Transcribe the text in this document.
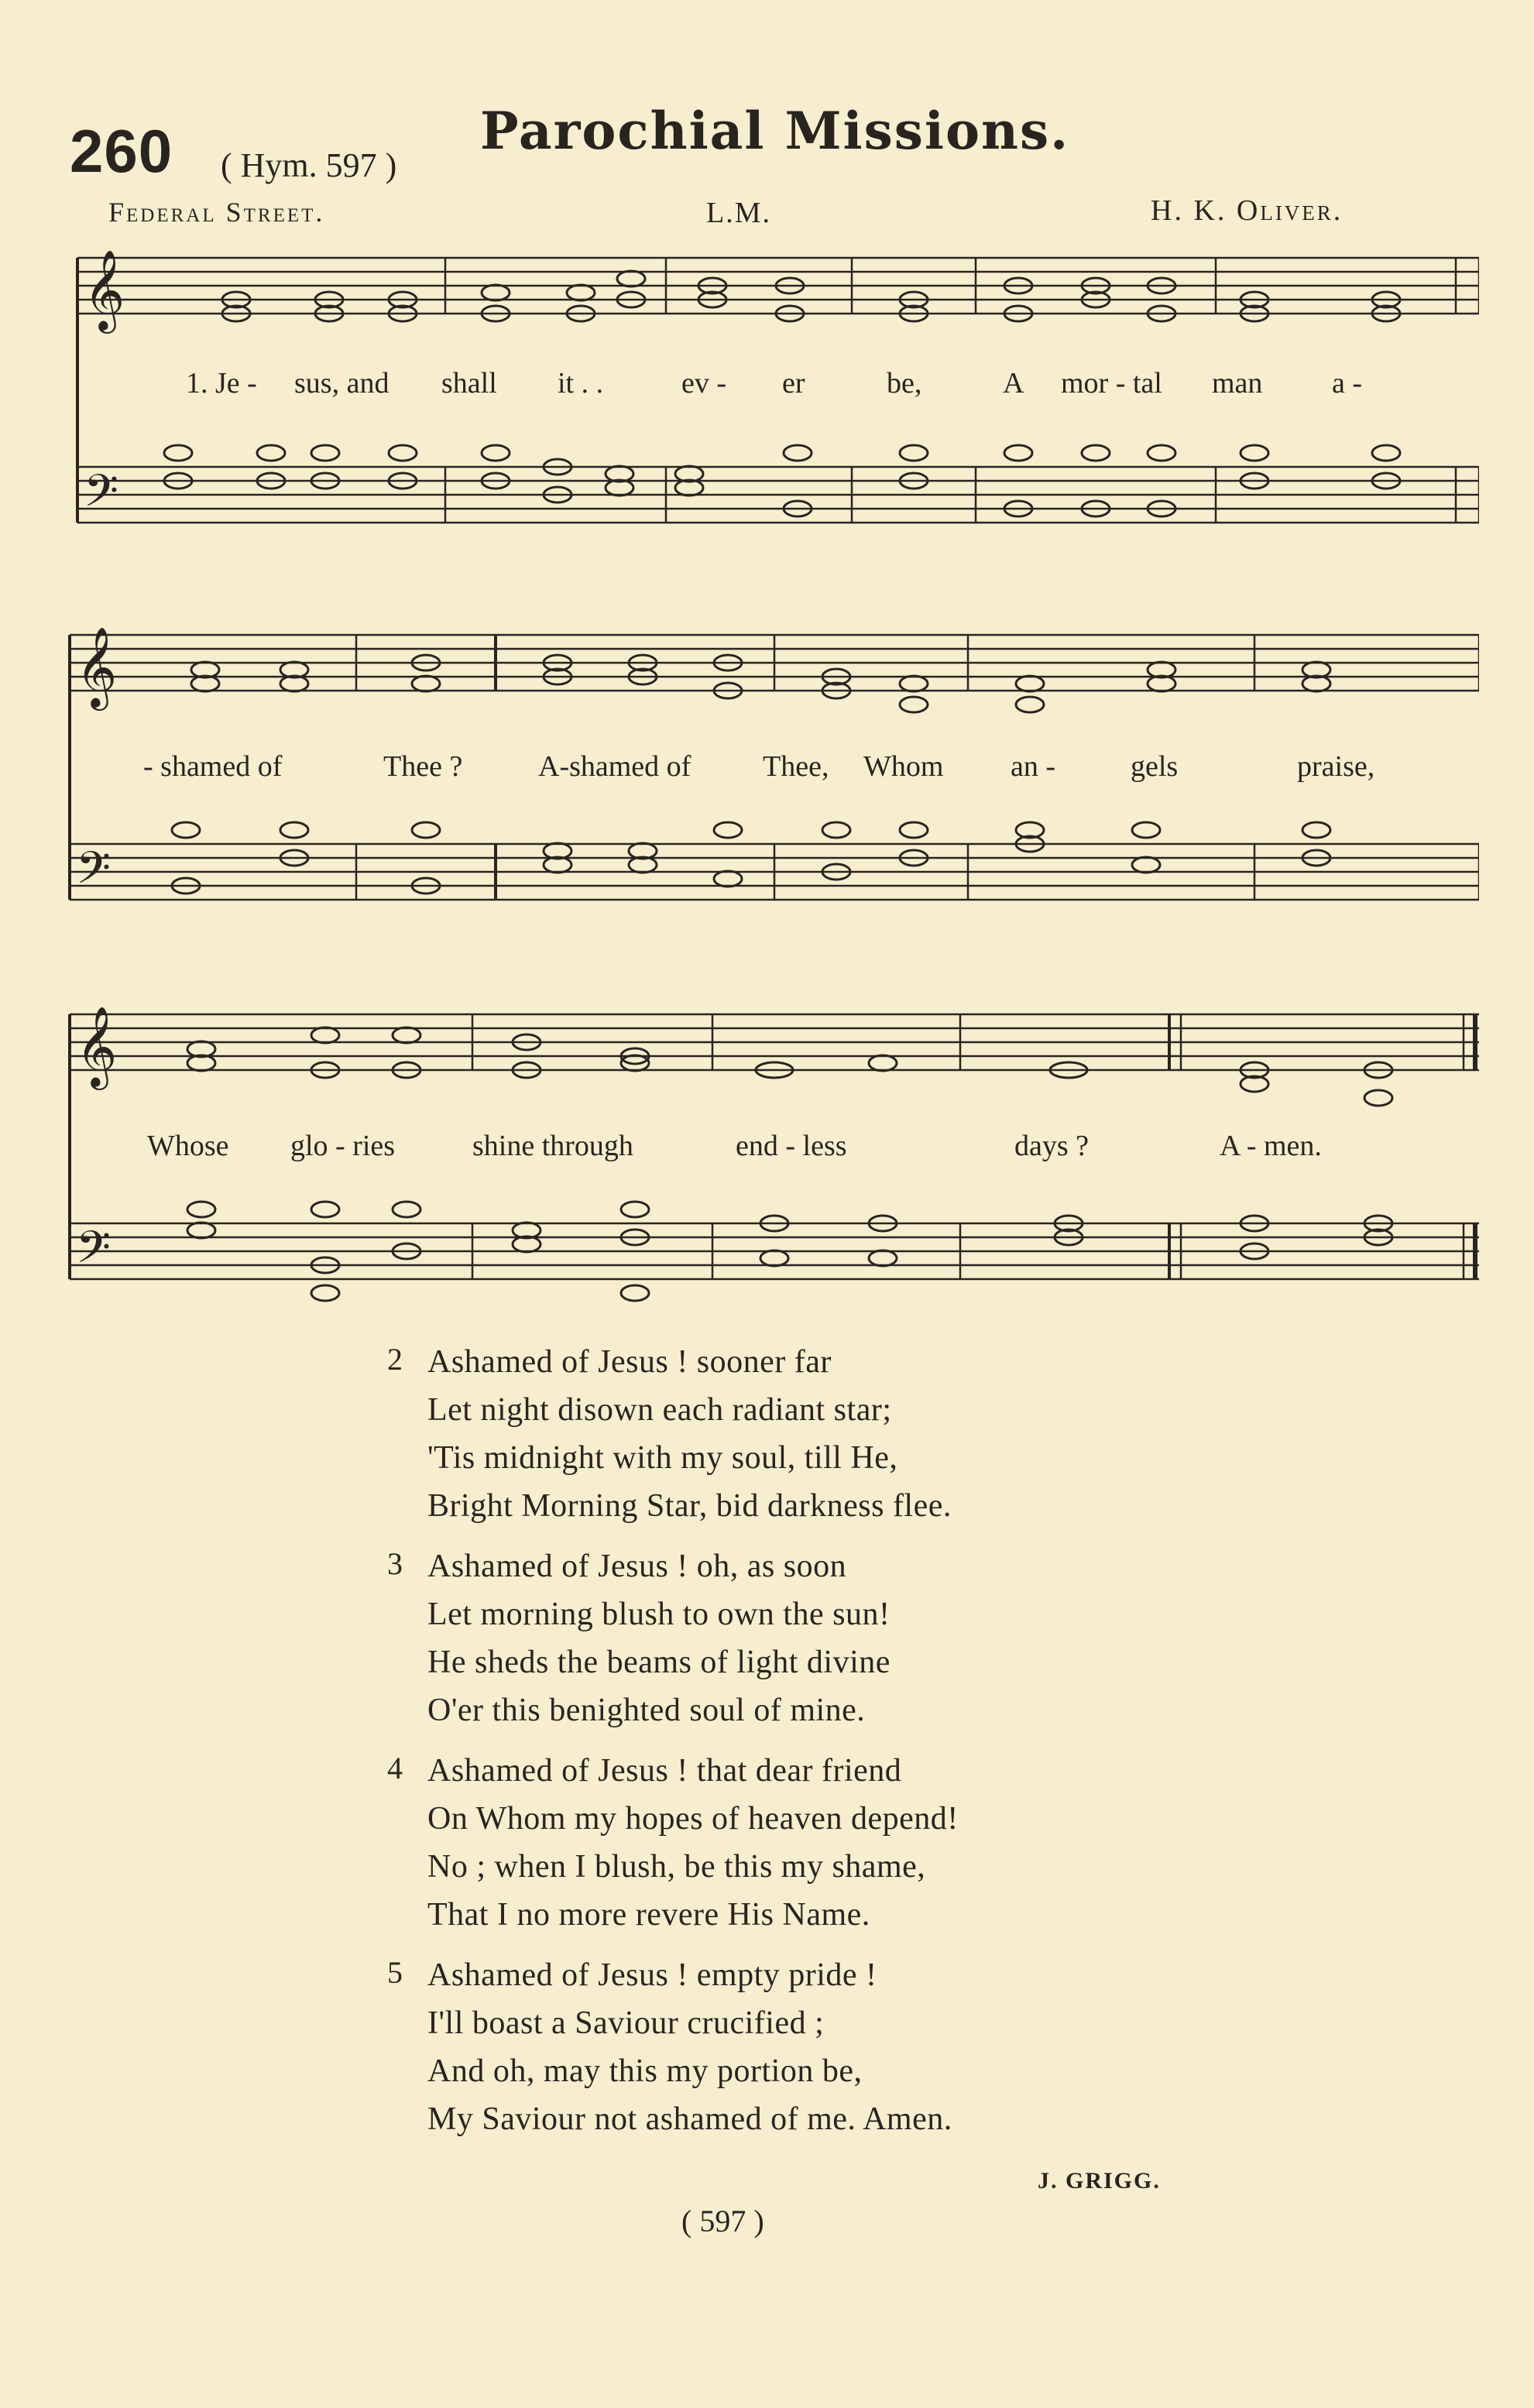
260 ( Hym. 597 )
Parochial Missions.
Federal Street.	L.M.	H. K. Oliver.
𝄞
𝄢
1. Je - sus, and shall it . .	ev - er	be,	A mor - tal man a -
𝄞
𝄢
- shamed of	Thee ?	A-shamed of Thee, Whom an -	gels	praise,
𝄞
𝄢
Whose glo - ries	shine through	end - less	days ?	A - men.
2 Ashamed of Jesus ! sooner far
Let night disown each radiant star;
'Tis midnight with my soul, till He,
Bright Morning Star, bid darkness flee.
3 Ashamed of Jesus ! oh, as soon
Let morning blush to own the sun!
He sheds the beams of light divine
O'er this benighted soul of mine.
4 Ashamed of Jesus ! that dear friend
On Whom my hopes of heaven depend!
No ; when I blush, be this my shame,
That I no more revere His Name.
5 Ashamed of Jesus ! empty pride !
I'll boast a Saviour crucified ;
And oh, may this my portion be,
My Saviour not ashamed of me. Amen.
J. GRIGG.
( 597 )
